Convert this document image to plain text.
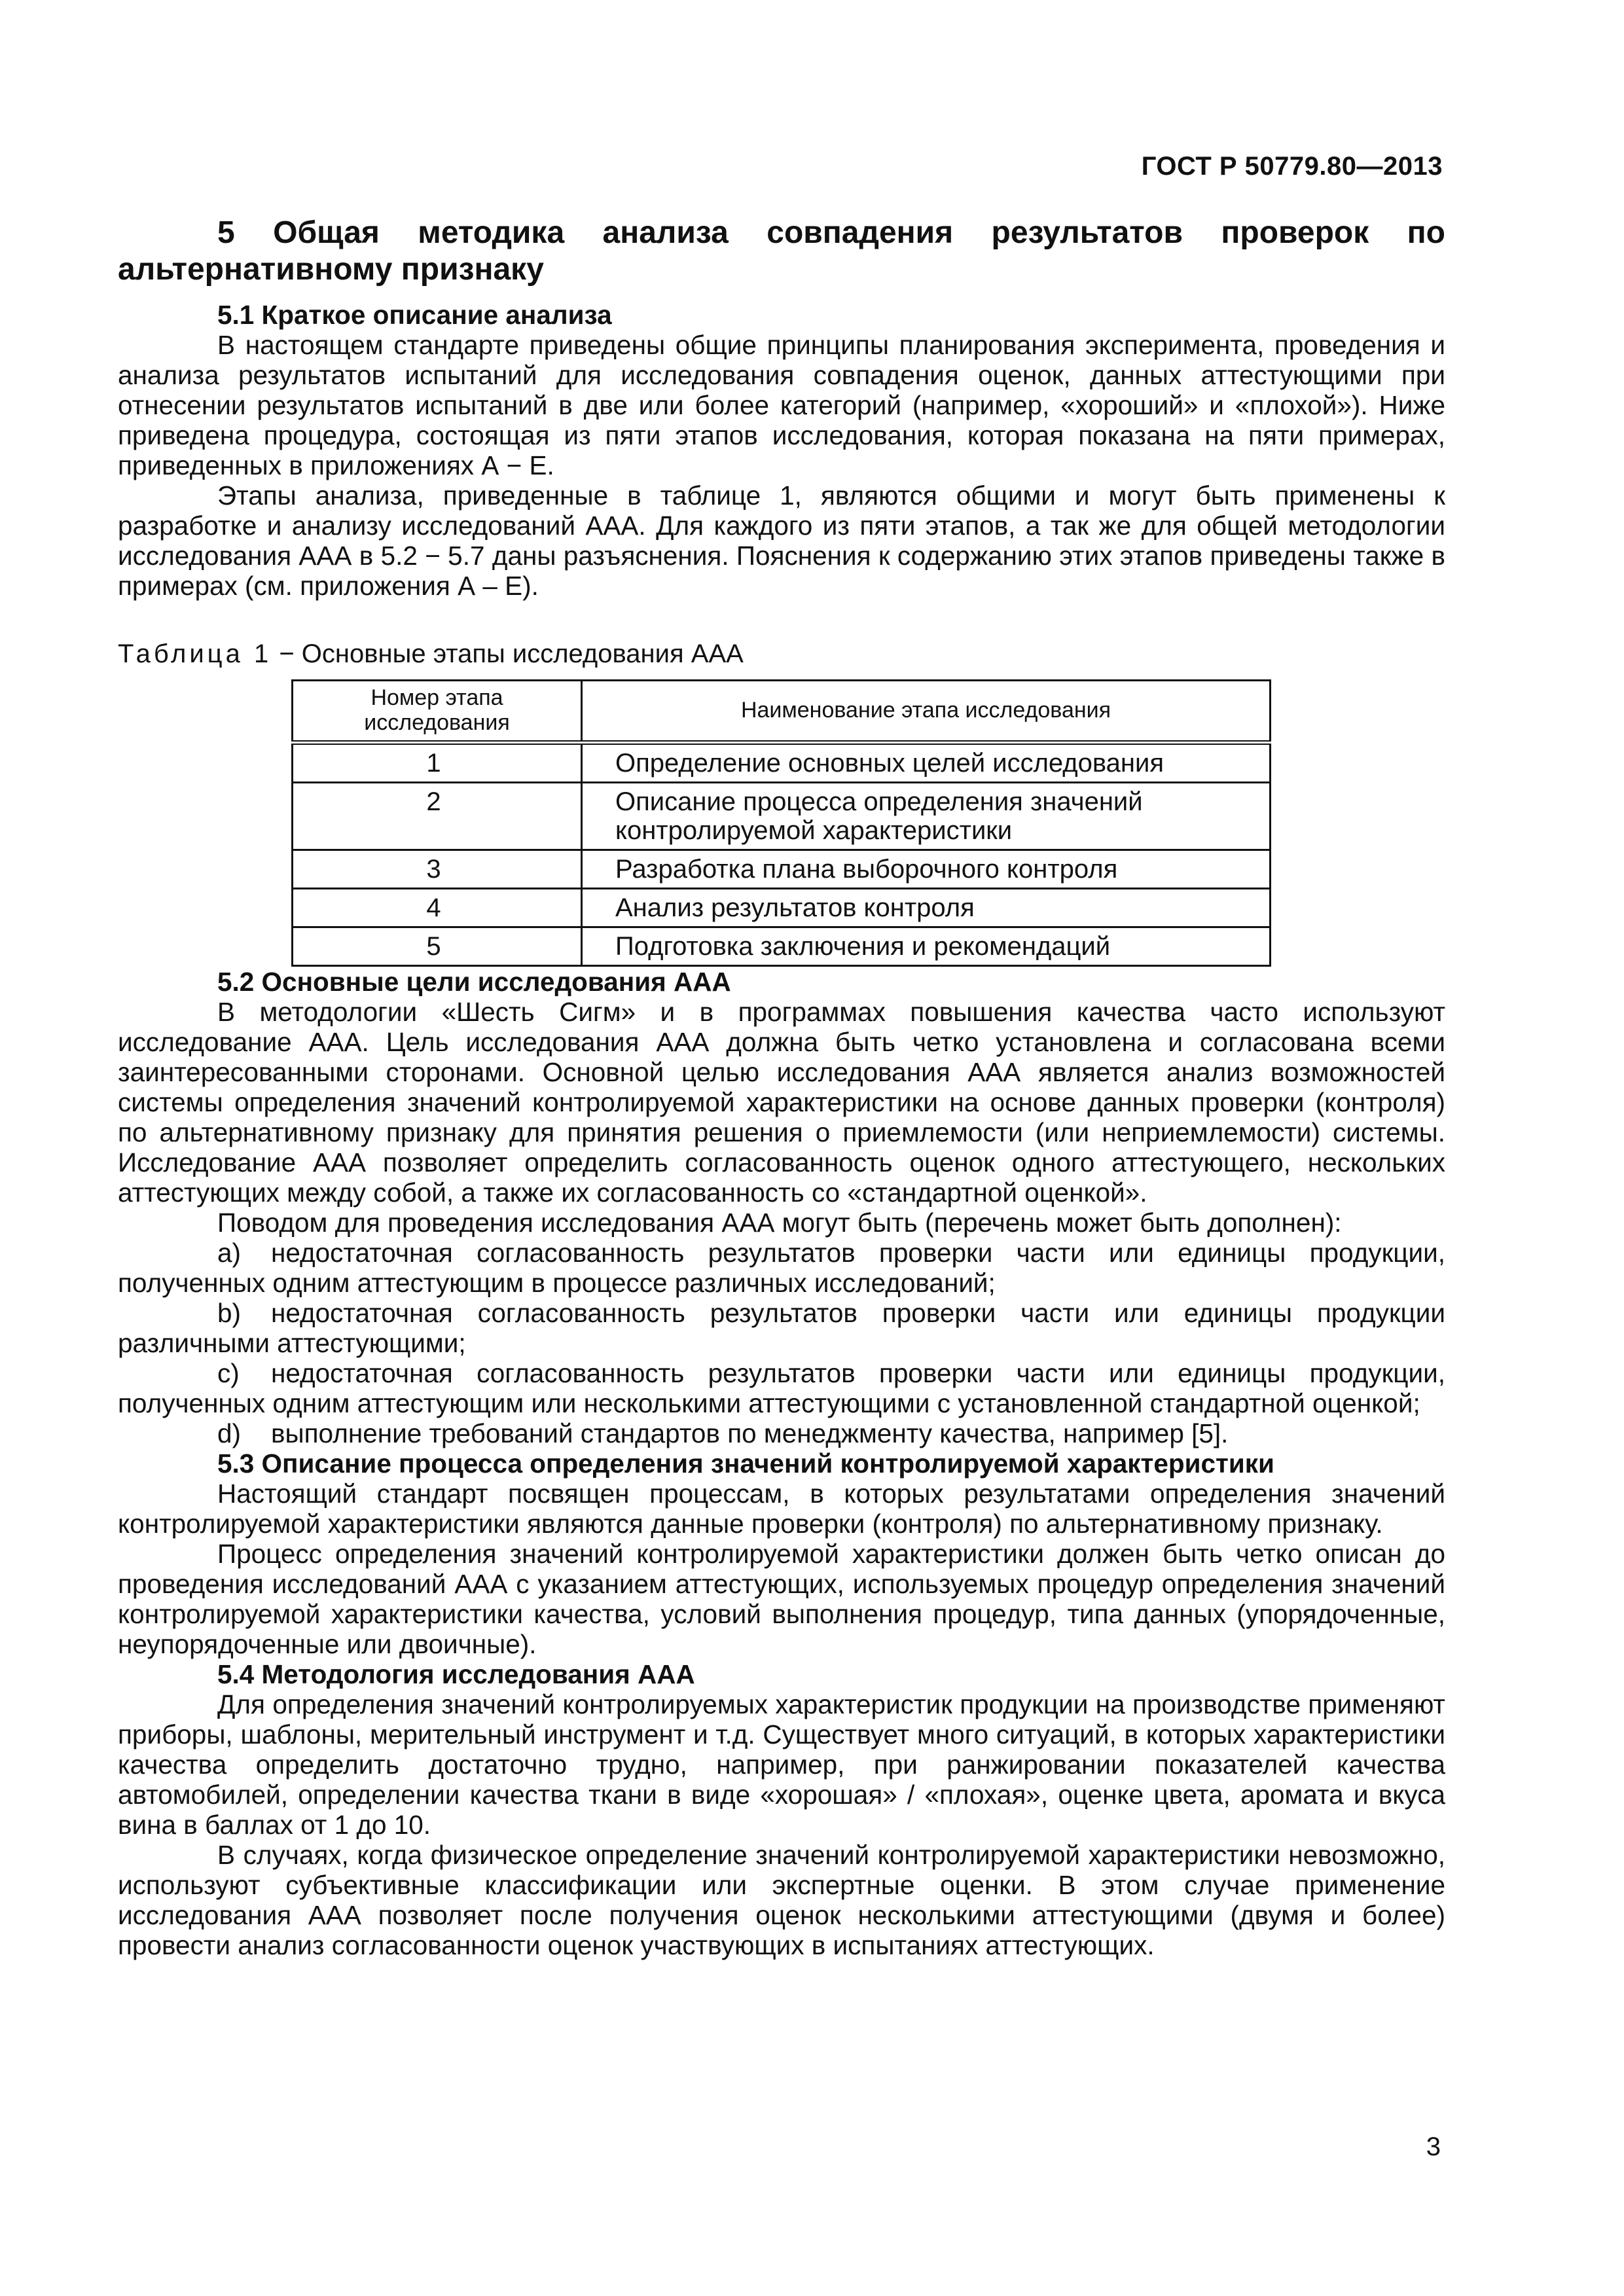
ГОСТ Р 50779.80—2013
5 Общая методика анализа совпадения результатов проверок по альтернативному признаку

5.1 Краткое описание анализа

В настоящем стандарте приведены общие принципы планирования эксперимента, проведения и анализа результатов испытаний для исследования совпадения оценок, данных аттестующими при отнесении результатов испытаний в две или более категорий (например, «хороший» и «плохой»). Ниже приведена процедура, состоящая из пяти этапов исследования, которая показана на пяти примерах, приведенных в приложениях А − Е.

Этапы анализа, приведенные в таблице 1, являются общими и могут быть применены к разработке и анализу исследований ААА. Для каждого из пяти этапов, а так же для общей методологии исследования ААА в 5.2 − 5.7 даны разъяснения. Пояснения к содержанию этих этапов приведены также в примерах (см. приложения А – Е).

Таблица 1 − Основные этапы исследования ААА
Номер этапа исследования	Наименование этапа исследования
1	Определение основных целей исследования
2	Описание процесса определения значений контролируемой характеристики
3	Разработка плана выборочного контроля
4	Анализ результатов контроля
5	Подготовка заключения и рекомендаций

5.2 Основные цели исследования ААА

В методологии «Шесть Сигм» и в программах повышения качества часто используют исследование ААА. Цель исследования ААА должна быть четко установлена и согласована всеми заинтересованными сторонами. Основной целью исследования ААА является анализ возможностей системы определения значений контролируемой характеристики на основе данных проверки (контроля) по альтернативному признаку для принятия решения о приемлемости (или неприемлемости) системы. Исследование ААА позволяет определить согласованность оценок одного аттестующего, нескольких аттестующих между собой, а также их согласованность со «стандартной оценкой».

Поводом для проведения исследования ААА могут быть (перечень может быть дополнен):

a) недостаточная согласованность результатов проверки части или единицы продукции, полученных одним аттестующим в процессе различных исследований;

b) недостаточная согласованность результатов проверки части или единицы продукции различными аттестующими;

c) недостаточная согласованность результатов проверки части или единицы продукции, полученных одним аттестующим или несколькими аттестующими с установленной стандартной оценкой;

d) выполнение требований стандартов по менеджменту качества, например [5].

5.3 Описание процесса определения значений контролируемой характеристики

Настоящий стандарт посвящен процессам, в которых результатами определения значений контролируемой характеристики являются данные проверки (контроля) по альтернативному признаку.

Процесс определения значений контролируемой характеристики должен быть четко описан до проведения исследований ААА с указанием аттестующих, используемых процедур определения значений контролируемой характеристики качества, условий выполнения процедур, типа данных (упорядоченные, неупорядоченные или двоичные).

5.4 Методология исследования ААА

Для определения значений контролируемых характеристик продукции на производстве применяют приборы, шаблоны, мерительный инструмент и т.д. Существует много ситуаций, в которых характеристики качества определить достаточно трудно, например, при ранжировании показателей качества автомобилей, определении качества ткани в виде «хорошая» / «плохая», оценке цвета, аромата и вкуса вина в баллах от 1 до 10.

В случаях, когда физическое определение значений контролируемой характеристики невозможно, используют субъективные классификации или экспертные оценки. В этом случае применение исследования ААА позволяет после получения оценок несколькими аттестующими (двумя и более) провести анализ согласованности оценок участвующих в испытаниях аттестующих.

3
